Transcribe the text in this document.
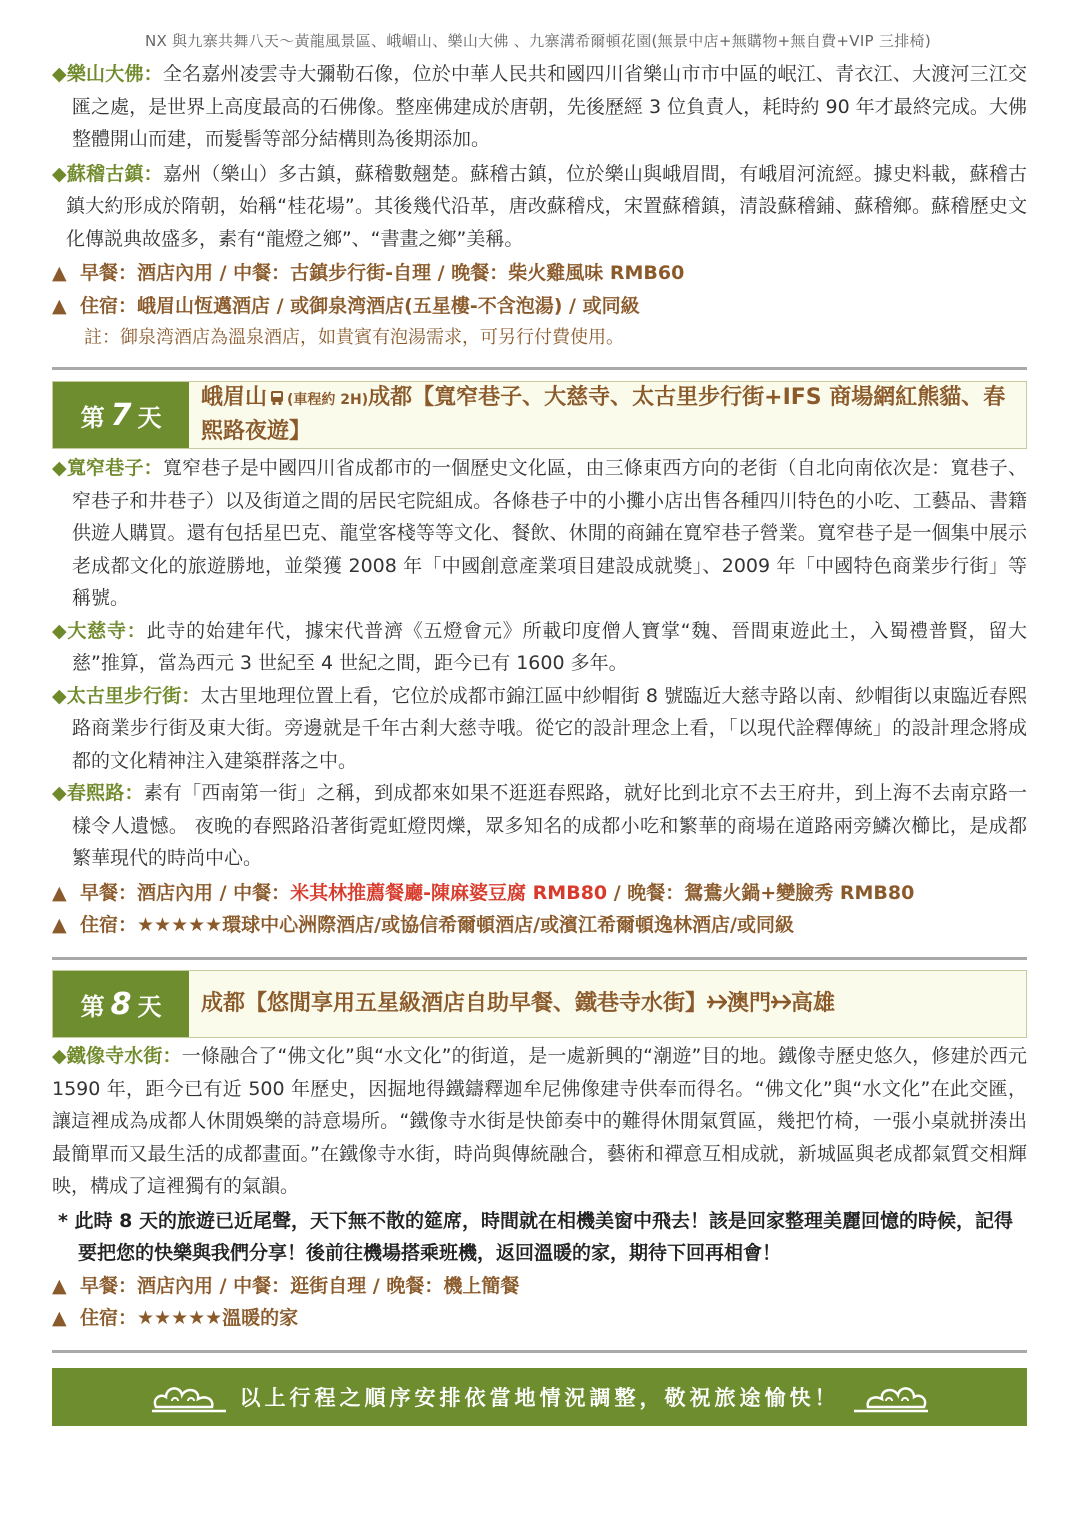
NX 與九寨共舞八天～黃龍風景區、峨嵋山、樂山大佛 、九寨溝希爾頓花園(無景中店+無購物+無自費+VIP 三排椅)

◆樂山大佛：全名嘉州凌雲寺大彌勒石像，位於中華人民共和國四川省樂山市市中區的岷江、青衣江、大渡河三江交匯之處，是世界上高度最高的石佛像。整座佛建成於唐朝，先後歷經 3 位負責人，耗時約 90 年才最終完成。大佛整體開山而建，而髮髻等部分結構則為後期添加。

◆蘇稽古鎮：嘉州（樂山）多古鎮，蘇稽數翹楚。蘇稽古鎮，位於樂山與峨眉間，有峨眉河流經。據史料載，蘇稽古鎮大約形成於隋朝，始稱“桂花場”。其後幾代沿革，唐改蘇稽戍，宋置蘇稽鎮，清設蘇稽鋪、蘇稽鄉。蘇稽歷史文化傳説典故盛多，素有“龍燈之鄉”、“書畫之鄉”美稱。

▲ 早餐：酒店內用 / 中餐：古鎮步行街-自理 / 晚餐：柴火雞風味 RMB60

▲ 住宿：峨眉山恆邁酒店 / 或御泉湾酒店(五星樓-不含泡湯) / 或同級

註：御泉湾酒店為溫泉酒店，如貴賓有泡湯需求，可另行付費使用。

第 7 天
峨眉山 (車程約 2H)成都【寬窄巷子、大慈寺、太古里步行街+IFS 商場網紅熊貓、春熙路夜遊】

◆寬窄巷子：寬窄巷子是中國四川省成都市的一個歷史文化區，由三條東西方向的老街（自北向南依次是：寬巷子、窄巷子和井巷子）以及街道之間的居民宅院組成。各條巷子中的小攤小店出售各種四川特色的小吃、工藝品、書籍供遊人購買。還有包括星巴克、龍堂客棧等等文化、餐飲、休閒的商鋪在寬窄巷子營業。寬窄巷子是一個集中展示老成都文化的旅遊勝地，並榮獲 2008 年「中國創意產業項目建設成就獎」、2009 年「中國特色商業步行街」等稱號。

◆大慈寺：此寺的始建年代，據宋代普濟《五燈會元》所載印度僧人寶掌“魏、晉間東遊此土，入蜀禮普賢，留大慈”推算，當為西元 3 世紀至 4 世紀之間，距今已有 1600 多年。

◆太古里步行街：太古里地理位置上看，它位於成都市錦江區中紗帽街 8 號臨近大慈寺路以南、紗帽街以東臨近春熙路商業步行街及東大街。旁邊就是千年古剎大慈寺哦。從它的設計理念上看，「以現代詮釋傳統」的設計理念將成都的文化精神注入建築群落之中。

◆春熙路：素有「西南第一街」之稱，到成都來如果不逛逛春熙路，就好比到北京不去王府井，到上海不去南京路一樣令人遺憾。 夜晚的春熙路沿著街霓虹燈閃爍，眾多知名的成都小吃和繁華的商場在道路兩旁鱗次櫛比，是成都繁華現代的時尚中心。

▲ 早餐：酒店內用 / 中餐：米其林推薦餐廳-陳麻婆豆腐 RMB80 / 晚餐：鴛鴦火鍋+變臉秀 RMB80

▲ 住宿：★★★★★環球中心洲際酒店/或協信希爾頓酒店/或濱江希爾頓逸林酒店/或同級

第 8 天 成都【悠閒享用五星級酒店自助早餐、鐵巷寺水街】 澳門 高雄

◆鐵像寺水街：一條融合了“佛文化”與“水文化”的街道，是一處新興的“潮遊”目的地。鐵像寺歷史悠久，修建於西元 1590 年，距今已有近 500 年歷史，因掘地得鐵鑄釋迦牟尼佛像建寺供奉而得名。“佛文化”與“水文化”在此交匯，讓這裡成為成都人休閒娛樂的詩意場所。“鐵像寺水街是快節奏中的難得休閒氣質區，幾把竹椅，一張小桌就拼湊出最簡單而又最生活的成都畫面。”在鐵像寺水街，時尚與傳統融合，藝術和禪意互相成就，新城區與老成都氣質交相輝映，構成了這裡獨有的氣韻。

* 此時 8 天的旅遊已近尾聲，天下無不散的筵席，時間就在相機美窗中飛去！該是回家整理美麗回憶的時候，記得要把您的快樂與我們分享！後前往機場搭乘班機，返回溫暖的家，期待下回再相會！

▲ 早餐：酒店內用 / 中餐：逛街自理 / 晚餐：機上簡餐

▲ 住宿：★★★★★溫暖的家

以上行程之順序安排依當地情況調整，敬祝旅途愉快！
